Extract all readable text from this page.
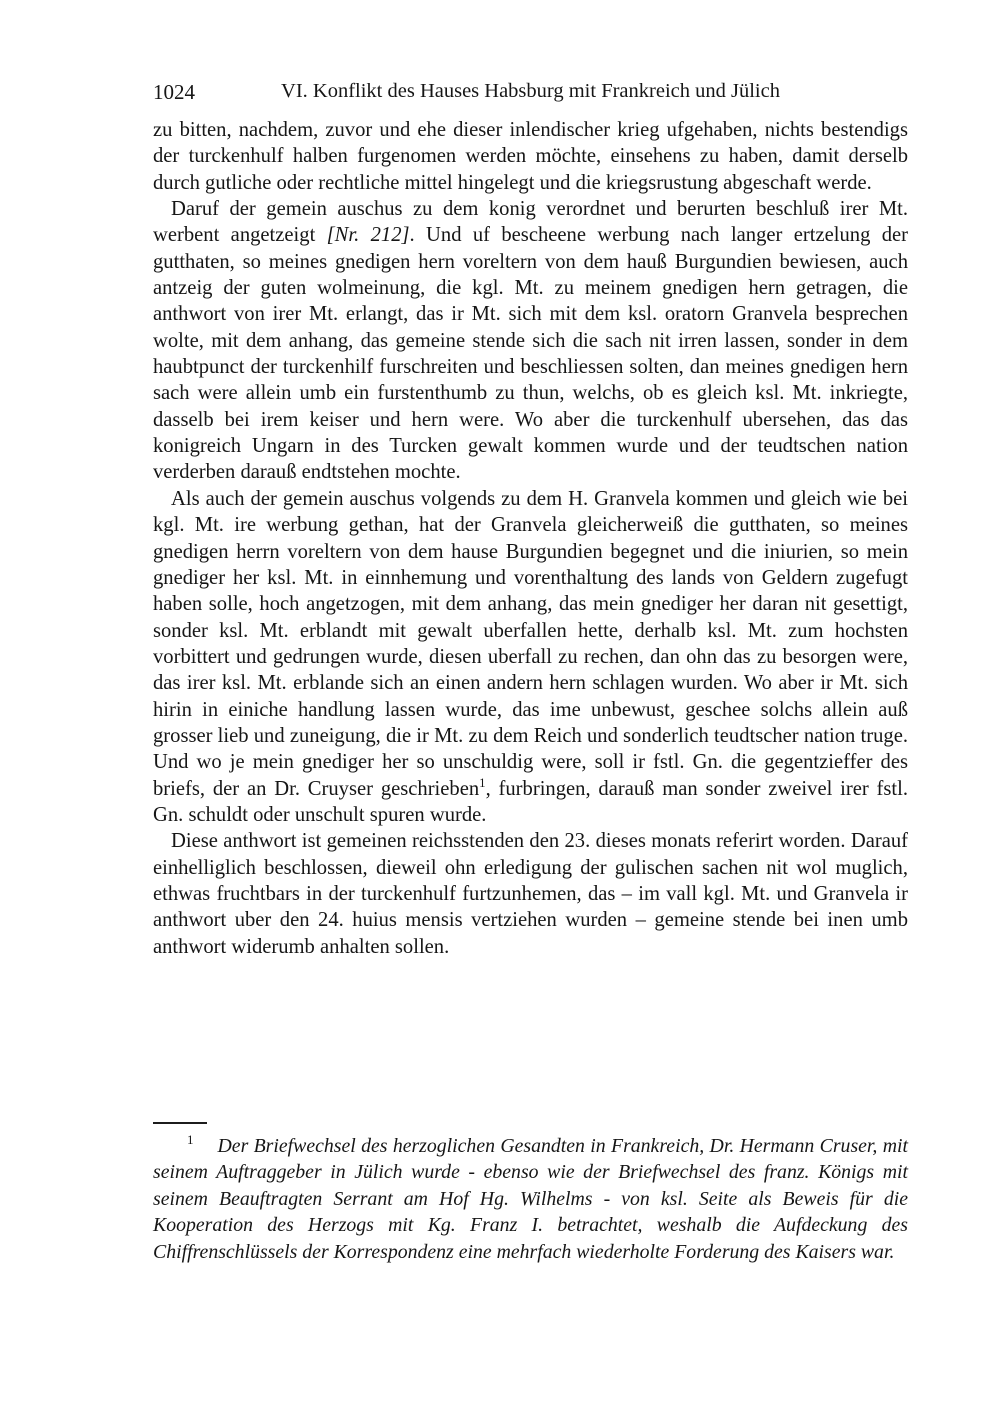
1024	VI. Konflikt des Hauses Habsburg mit Frankreich und Jülich

zu bitten, nachdem, zuvor und ehe dieser inlendischer krieg ufgehaben, nichts bestendigs der turckenhulf halben furgenomen werden möchte, einsehens zu haben, damit derselb durch gutliche oder rechtliche mittel hingelegt und die kriegsrustung abgeschaft werde.

Daruf der gemein auschus zu dem konig verordnet und berurten beschluß irer Mt. werbent angetzeigt [Nr. 212]. Und uf bescheene werbung nach langer ertzelung der gutthaten, so meines gnedigen hern voreltern von dem hauß Burgundien bewiesen, auch antzeig der guten wolmeinung, die kgl. Mt. zu meinem gnedigen hern getragen, die anthwort von irer Mt. erlangt, das ir Mt. sich mit dem ksl. oratorn Granvela besprechen wolte, mit dem anhang, das gemeine stende sich die sach nit irren lassen, sonder in dem haubtpunct der turckenhilf furschreiten und beschliessen solten, dan meines gnedigen hern sach were allein umb ein furstenthumb zu thun, welchs, ob es gleich ksl. Mt. inkriegte, dasselb bei irem keiser und hern were. Wo aber die turckenhulf ubersehen, das das konigreich Ungarn in des Turcken gewalt kommen wurde und der teudtschen nation verderben darauß endtstehen mochte.

Als auch der gemein auschus volgends zu dem H. Granvela kommen und gleich wie bei kgl. Mt. ire werbung gethan, hat der Granvela gleicherweiß die gutthaten, so meines gnedigen herrn voreltern von dem hause Burgundien begegnet und die iniurien, so mein gnediger her ksl. Mt. in einnhemung und vorenthaltung des lands von Geldern zugefugt haben solle, hoch angetzogen, mit dem anhang, das mein gnediger her daran nit gesettigt, sonder ksl. Mt. erblandt mit gewalt uberfallen hette, derhalb ksl. Mt. zum hochsten vorbittert und gedrungen wurde, diesen uberfall zu rechen, dan ohn das zu besorgen were, das irer ksl. Mt. erblande sich an einen andern hern schlagen wurden. Wo aber ir Mt. sich hirin in einiche handlung lassen wurde, das ime unbewust, geschee solchs allein auß grosser lieb und zuneigung, die ir Mt. zu dem Reich und sonderlich teudtscher nation truge. Und wo je mein gnediger her so unschuldig were, soll ir fstl. Gn. die gegentzieffer des briefs, der an Dr. Cruyser geschrieben$^1$, furbringen, darauß man sonder zweivel irer fstl. Gn. schuldt oder unschult spuren wurde.

Diese anthwort ist gemeinen reichsstenden den 23. dieses monats referirt worden. Darauf einhelliglich beschlossen, dieweil ohn erledigung der gulischen sachen nit wol muglich, ethwas fruchtbars in der turckenhulf furtzunhemen, das – im vall kgl. Mt. und Granvela ir anthwort uber den 24. huius mensis vertziehen wurden – gemeine stende bei inen umb anthwort widerumb anhalten sollen.

$^1$ Der Briefwechsel des herzoglichen Gesandten in Frankreich, Dr. Hermann Cruser, mit seinem Auftraggeber in Jülich wurde - ebenso wie der Briefwechsel des franz. Königs mit seinem Beauftragten Serrant am Hof Hg. Wilhelms - von ksl. Seite als Beweis für die Kooperation des Herzogs mit Kg. Franz I. betrachtet, weshalb die Aufdeckung des Chiffrenschlüssels der Korrespondenz eine mehrfach wiederholte Forderung des Kaisers war.
